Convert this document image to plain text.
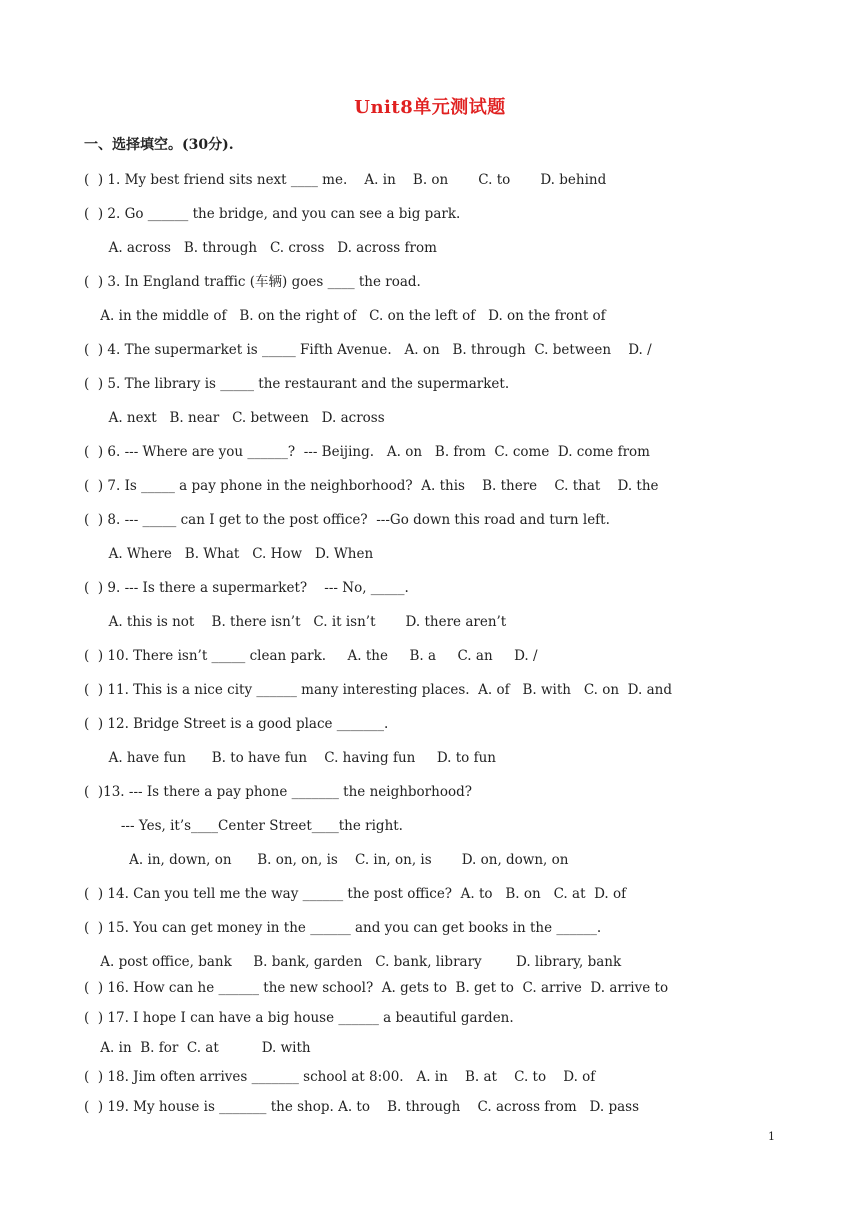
Unit8单元测试题
一、选择填空。(30分).
(  ) 1. My best friend sits next ____ me.    A. in    B. on       C. to       D. behind
(  ) 2. Go ______ the bridge, and you can see a big park.
A. across   B. through   C. cross   D. across from
(  ) 3. In England traffic (车辆) goes ____ the road.
A. in the middle of   B. on the right of   C. on the left of   D. on the front of
(  ) 4. The supermarket is _____ Fifth Avenue.   A. on   B. through  C. between    D. /
(  ) 5. The library is _____ the restaurant and the supermarket.
A. next   B. near   C. between   D. across
(  ) 6. --- Where are you ______?  --- Beijing.   A. on   B. from  C. come  D. come from
(  ) 7. Is _____ a pay phone in the neighborhood?  A. this    B. there    C. that    D. the
(  ) 8. --- _____ can I get to the post office?  ---Go down this road and turn left.
A. Where   B. What   C. How   D. When
(  ) 9. --- Is there a supermarket?    --- No, _____.
A. this is not    B. there isn’t   C. it isn’t       D. there aren’t
(  ) 10. There isn’t _____ clean park.     A. the     B. a     C. an     D. /
(  ) 11. This is a nice city ______ many interesting places.  A. of   B. with   C. on  D. and
(  ) 12. Bridge Street is a good place _______.
A. have fun      B. to have fun    C. having fun     D. to fun
(  )13. --- Is there a pay phone _______ the neighborhood?
--- Yes, it’s____Center Street____the right.
A. in, down, on      B. on, on, is    C. in, on, is       D. on, down, on
(  ) 14. Can you tell me the way ______ the post office?  A. to   B. on   C. at  D. of
(  ) 15. You can get money in the ______ and you can get books in the ______.
A. post office, bank     B. bank, garden   C. bank, library        D. library, bank
(  ) 16. How can he ______ the new school?  A. gets to  B. get to  C. arrive  D. arrive to
(  ) 17. I hope I can have a big house ______ a beautiful garden.
A. in  B. for  C. at          D. with
(  ) 18. Jim often arrives _______ school at 8:00.   A. in    B. at    C. to    D. of
(  ) 19. My house is _______ the shop. A. to    B. through    C. across from   D. pass
1
